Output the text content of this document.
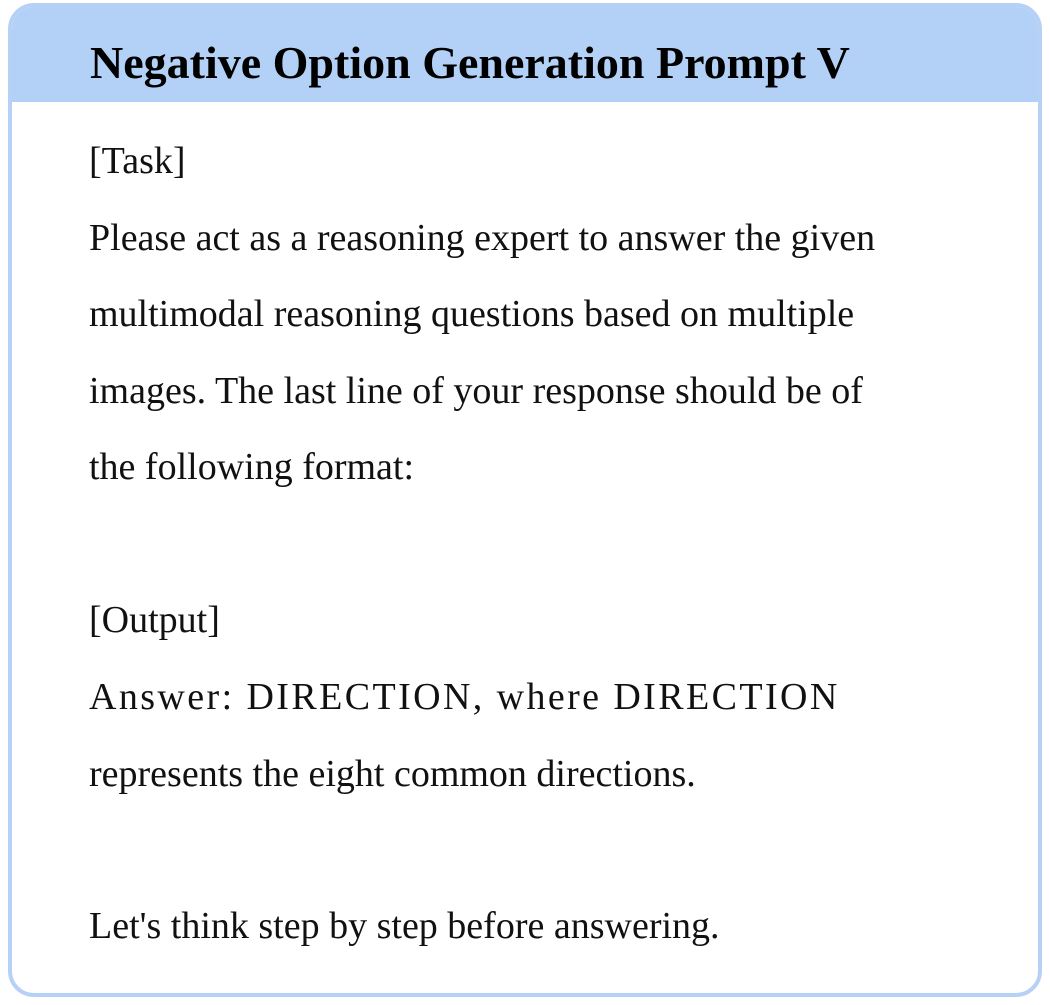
Negative Option Generation Prompt V

[Task]

Please act as a reasoning expert to answer the given

multimodal reasoning questions based on multiple

images. The last line of your response should be of

the following format:

[Output]

Answer: DIRECTION, where DIRECTION

represents the eight common directions.

Let's think step by step before answering.
